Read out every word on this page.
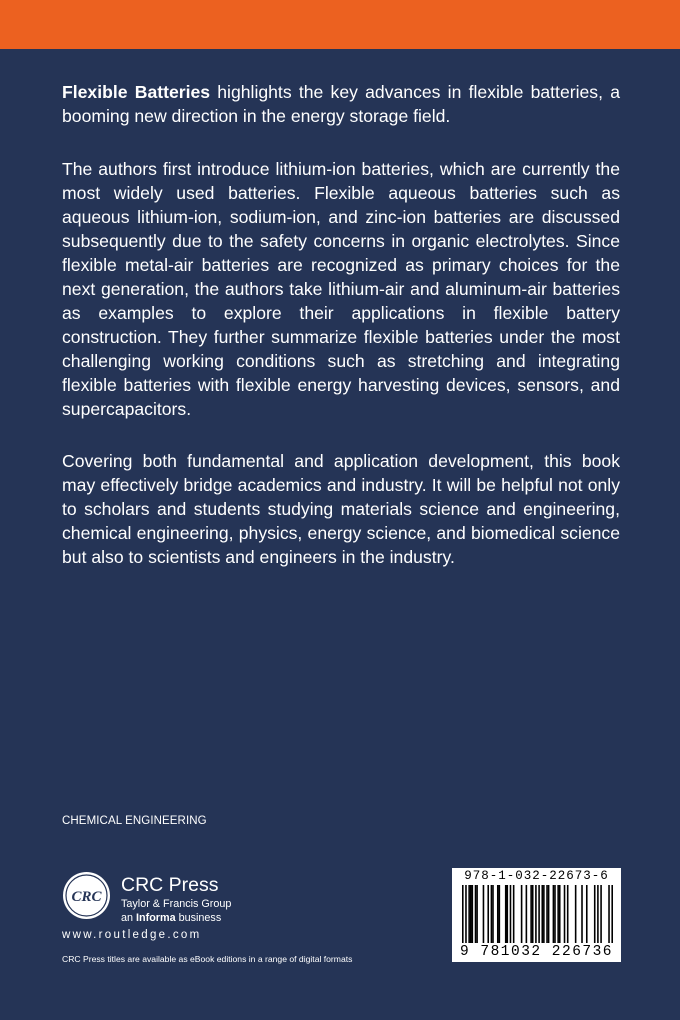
Flexible Batteries highlights the key advances in flexible batteries, a booming new direction in the energy storage field.

The authors first introduce lithium-ion batteries, which are currently the most widely used batteries. Flexible aqueous batteries such as aqueous lithium-ion, sodium-ion, and zinc-ion batteries are discussed subsequently due to the safety concerns in organic electrolytes. Since flexible metal-air batteries are recognized as primary choices for the next generation, the authors take lithium-air and aluminum-air batteries as examples to explore their applications in flexible battery construction. They further summarize flexible batteries under the most challenging working conditions such as stretching and integrating flexible batteries with flexible energy harvesting devices, sensors, and supercapacitors.

Covering both fundamental and application development, this book may effectively bridge academics and industry. It will be helpful not only to scholars and students studying materials science and engineering, chemical engineering, physics, energy science, and biomedical science but also to scientists and engineers in the industry.

CHEMICAL ENGINEERING
CRC
CRC Press
Taylor & Francis Group
an Informa business
www.routledge.com
CRC Press titles are available as eBook editions in a range of digital formats
978-1-032-22673-6
9 781032 226736
